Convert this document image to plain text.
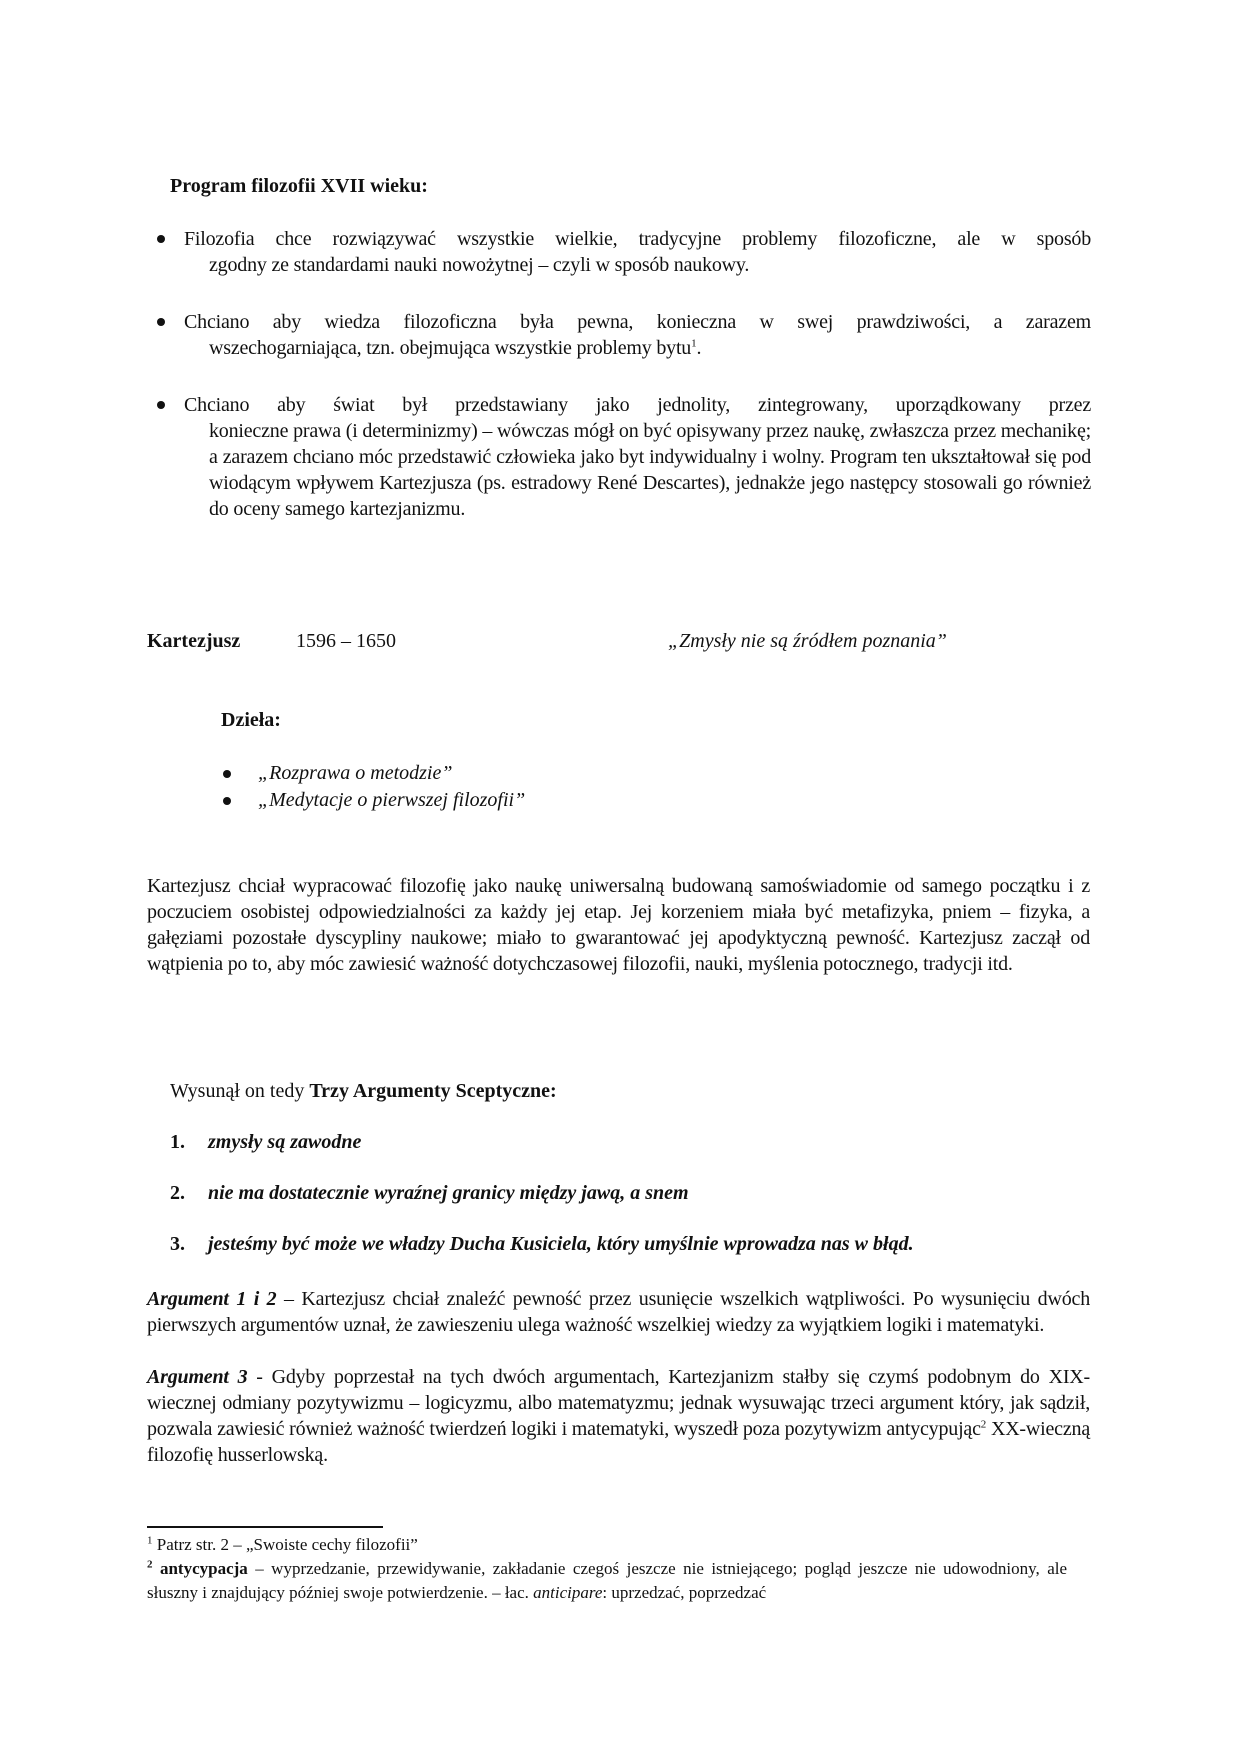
Program filozofii XVII wieku:
Filozofia chce rozwiązywać wszystkie wielkie, tradycyjne problemy filozoficzne, ale w sposób
zgodny ze standardami nauki nowożytnej – czyli w sposób naukowy.
Chciano aby wiedza filozoficzna była pewna, konieczna w swej prawdziwości, a zarazem
wszechogarniająca, tzn. obejmująca wszystkie problemy bytu$^1$.
Chciano aby świat był przedstawiany jako jednolity, zintegrowany, uporządkowany przez
konieczne prawa (i determinizmy) – wówczas mógł on być opisywany przez naukę, zwłaszcza przez mechanikę; a zarazem chciano móc przedstawić człowieka jako byt indywidualny i wolny. Program ten ukształtował się pod wiodącym wpływem Kartezjusza (ps. estradowy René Descartes), jednakże jego następcy stosowali go również do oceny samego kartezjanizmu.
Kartezjusz	1596 – 1650	„Zmysły nie są źródłem poznania”
Dzieła:
„Rozprawa o metodzie”
„Medytacje o pierwszej filozofii”
Kartezjusz chciał wypracować filozofię jako naukę uniwersalną budowaną samoświadomie od samego początku i z poczuciem osobistej odpowiedzialności za każdy jej etap. Jej korzeniem miała być metafizyka, pniem – fizyka, a gałęziami pozostałe dyscypliny naukowe; miało to gwarantować jej apodyktyczną pewność. Kartezjusz zaczął od wątpienia po to, aby móc zawiesić ważność dotychczasowej filozofii, nauki, myślenia potocznego, tradycji itd.
Wysunął on tedy Trzy Argumenty Sceptyczne:
1. zmysły są zawodne
2. nie ma dostatecznie wyraźnej granicy między jawą, a snem
3. jesteśmy być może we władzy Ducha Kusiciela, który umyślnie wprowadza nas w błąd.
Argument 1 i 2 – Kartezjusz chciał znaleźć pewność przez usunięcie wszelkich wątpliwości. Po wysunięciu dwóch pierwszych argumentów uznał, że zawieszeniu ulega ważność wszelkiej wiedzy za wyjątkiem logiki i matematyki.
Argument 3 - Gdyby poprzestał na tych dwóch argumentach, Kartezjanizm stałby się czymś podobnym do XIX-wiecznej odmiany pozytywizmu – logicyzmu, albo matematyzmu; jednak wysuwając trzeci argument który, jak sądził, pozwala zawiesić również ważność twierdzeń logiki i matematyki, wyszedł poza pozytywizm antycypując$^2$ XX-wieczną filozofię husserlowską.
$^1$ Patrz str. 2 – „Swoiste cechy filozofii”
$^2$ antycypacja – wyprzedzanie, przewidywanie, zakładanie czegoś jeszcze nie istniejącego; pogląd jeszcze nie udowodniony, ale słuszny i znajdujący później swoje potwierdzenie. – łac. anticipare: uprzedzać, poprzedzać
